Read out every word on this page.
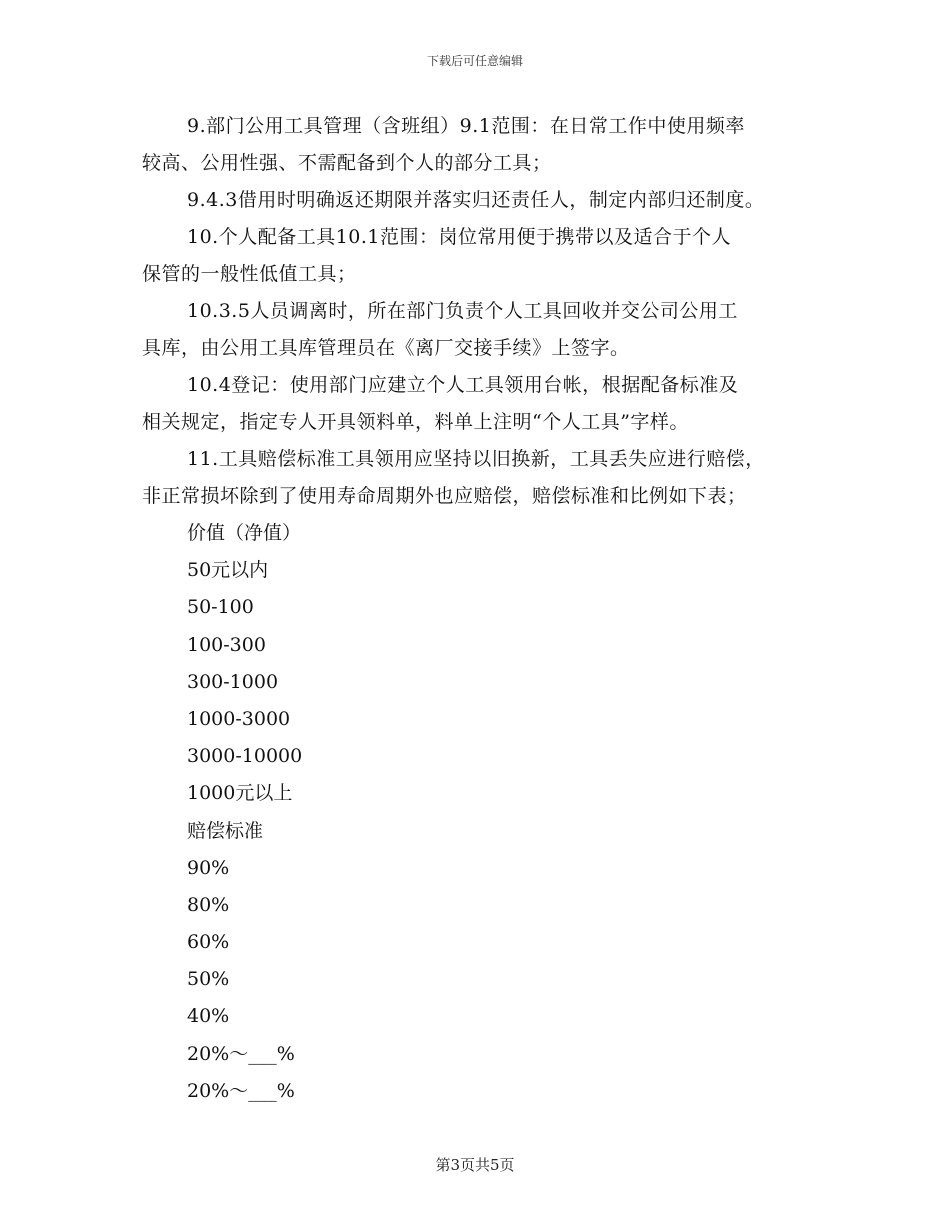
下载后可任意编辑
9.部门公用工具管理（含班组）9.1范围：在日常工作中使用频率
较高、公用性强、不需配备到个人的部分工具；
9.4.3借用时明确返还期限并落实归还责任人，制定内部归还制度。
10.个人配备工具10.1范围：岗位常用便于携带以及适合于个人
保管的一般性低值工具；
10.3.5人员调离时，所在部门负责个人工具回收并交公司公用工
具库，由公用工具库管理员在《离厂交接手续》上签字。
10.4登记：使用部门应建立个人工具领用台帐，根据配备标准及
相关规定，指定专人开具领料单，料单上注明“个人工具”字样。
11.工具赔偿标准工具领用应坚持以旧换新，工具丢失应进行赔偿，
非正常损坏除到了使用寿命周期外也应赔偿，赔偿标准和比例如下表；
价值（净值）
50元以内
50-100
100-300
300-1000
1000-3000
3000-10000
1000元以上
赔偿标准
90%
80%
60%
50%
40%
20%～___%
20%～___%
第3页共5页
